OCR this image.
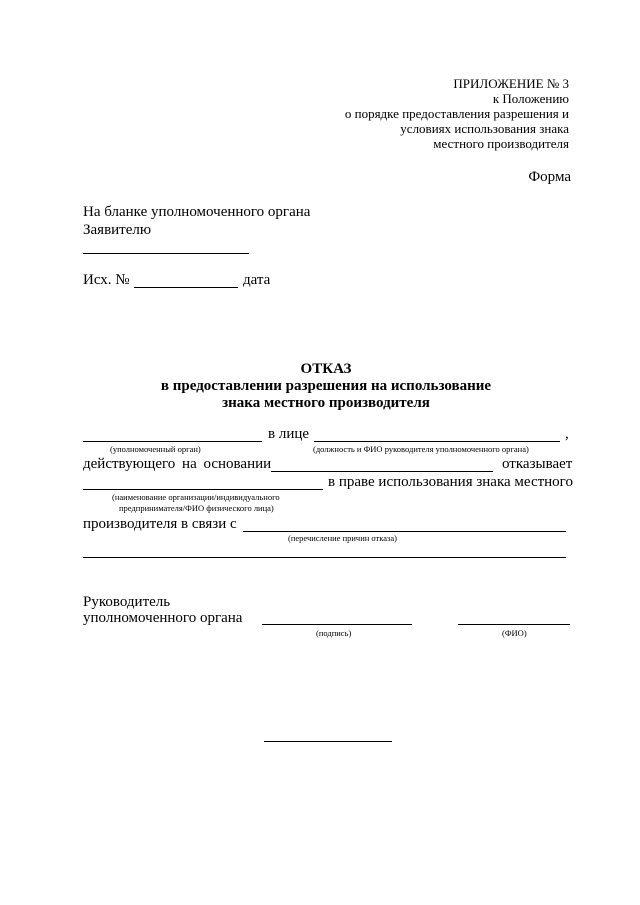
ПРИЛОЖЕНИЕ № 3
к Положению
о порядке предоставления разрешения и
условиях использования знака
местного производителя
Форма
На бланке уполномоченного органа
Заявителю
Исх. №	дата
ОТКАЗ
в предоставлении разрешения на использование
знака местного производителя
в лице	,
(уполномоченный орган)	(должность и ФИО руководителя уполномоченного органа)
действующего на основании	отказывает
в праве использования знака местного
(наименование организации/индивидуального
предпринимателя/ФИО физического лица)
производителя в связи с
(перечисление причин отказа)
Руководитель
уполномоченного органа
(подпись)	(ФИО)
